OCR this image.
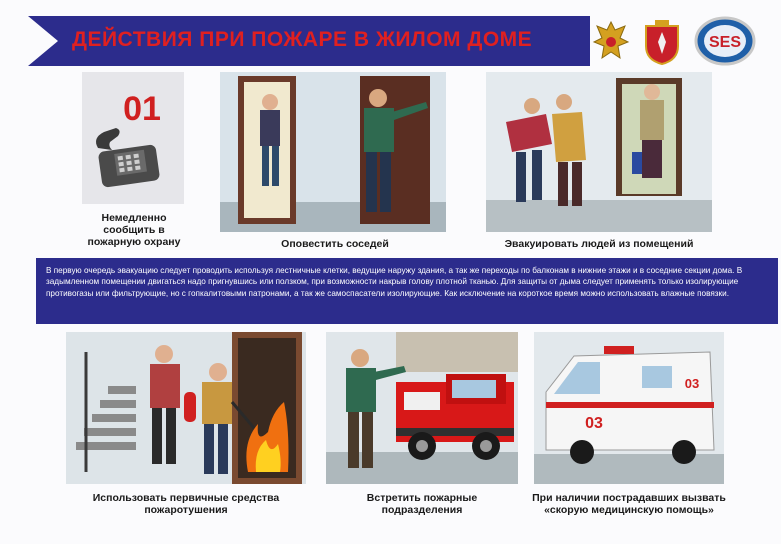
ДЕЙСТВИЯ ПРИ ПОЖАРЕ В ЖИЛОМ ДОМЕ	SES
01
Немедленно сообщить в пожарную охрану	Оповестить соседей	Эвакуировать людей из помещений

В первую очередь эвакуацию следует проводить используя лестничные клетки, ведущие наружу здания, а так же переходы по балконам в нижние этажи и в соседние секции дома. В задымленном помещении двигаться надо пригнувшись или ползком, при возможности накрыв голову плотной тканью. Для защиты от дыма следует применять только изолирующие противогазы или фильтрующие, но с гопкалитовыми патронами, а так же самоспасатели изолирующие. Как исключение на короткое время можно использовать влажные повязки.

Использовать первичные средства пожаротушения
Встретить пожарные подразделения
03
03
При наличии пострадавших вызвать «скорую медицинскую помощь»
